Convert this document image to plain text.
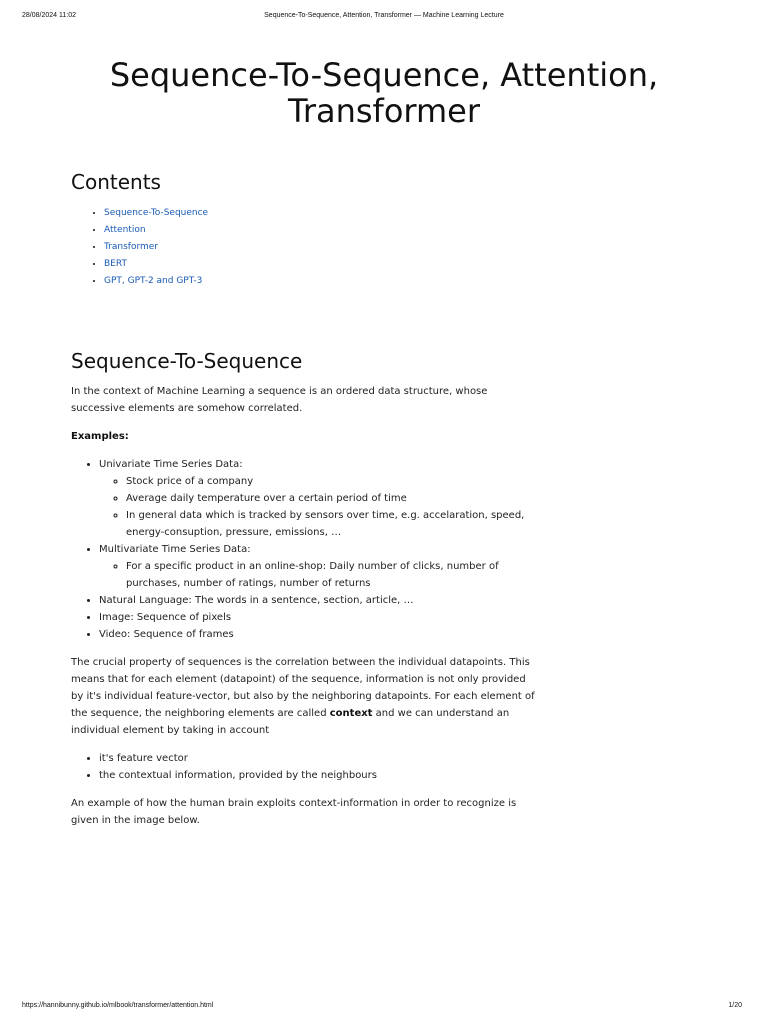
28/08/2024 11:02	Sequence-To-Sequence, Attention, Transformer — Machine Learning Lecture
Sequence-To-Sequence, Attention,
Transformer
Contents
• Sequence-To-Sequence
• Attention
• Transformer
• BERT
• GPT, GPT-2 and GPT-3
Sequence-To-Sequence

In the context of Machine Learning a sequence is an ordered data structure, whose successive elements are somehow correlated.

Examples:

• Univariate Time Series Data:
◦ Stock price of a company
◦ Average daily temperature over a certain period of time
◦ In general data which is tracked by sensors over time, e.g. accelaration, speed, energy-consuption, pressure, emissions, …
• Multivariate Time Series Data:
◦ For a specific product in an online-shop: Daily number of clicks, number of purchases, number of ratings, number of returns
• Natural Language: The words in a sentence, section, article, …
• Image: Sequence of pixels
• Video: Sequence of frames

The crucial property of sequences is the correlation between the individual datapoints. This means that for each element (datapoint) of the sequence, information is not only provided by it's individual feature-vector, but also by the neighboring datapoints. For each element of the sequence, the neighboring elements are called context and we can understand an individual element by taking in account

• it's feature vector
• the contextual information, provided by the neighbours

An example of how the human brain exploits context-information in order to recognize is given in the image below.

https://hannibunny.github.io/mlbook/transformer/attention.html	1/20
